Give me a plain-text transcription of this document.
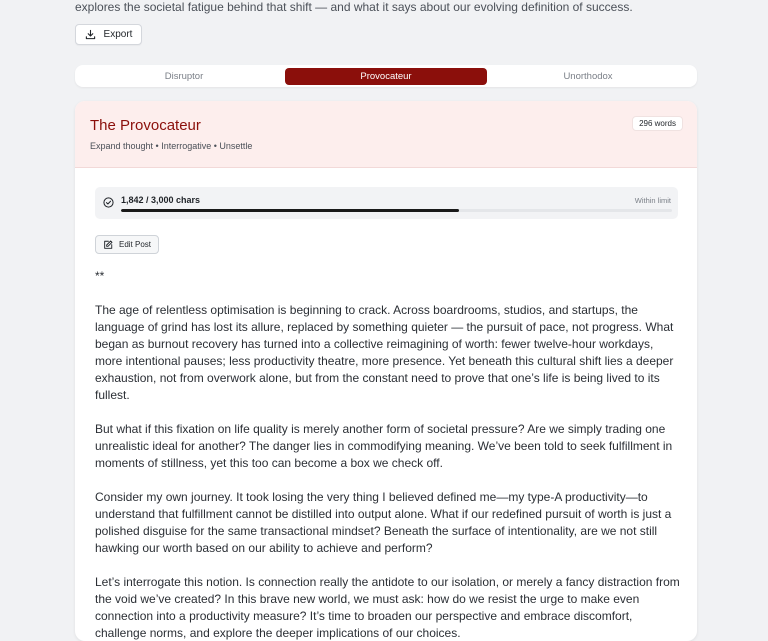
explores the societal fatigue behind that shift — and what it says about our evolving definition of success.
Export
Disruptor	Provocateur	Unorthodox
The Provocateur
Expand thought • Interrogative • Unsettle
296 words
1,842 / 3,000 chars	Within limit
Edit Post
**

The age of relentless optimisation is beginning to crack. Across boardrooms, studios, and startups, the language of grind has lost its allure, replaced by something quieter — the pursuit of pace, not progress. What began as burnout recovery has turned into a collective reimagining of worth: fewer twelve-hour workdays, more intentional pauses; less productivity theatre, more presence. Yet beneath this cultural shift lies a deeper exhaustion, not from overwork alone, but from the constant need to prove that one’s life is being lived to its fullest.

But what if this fixation on life quality is merely another form of societal pressure? Are we simply trading one unrealistic ideal for another? The danger lies in commodifying meaning. We’ve been told to seek fulfillment in moments of stillness, yet this too can become a box we check off.

Consider my own journey. It took losing the very thing I believed defined me—my type-A productivity—to understand that fulfillment cannot be distilled into output alone. What if our redefined pursuit of worth is just a polished disguise for the same transactional mindset? Beneath the surface of intentionality, are we not still hawking our worth based on our ability to achieve and perform?

Let’s interrogate this notion. Is connection really the antidote to our isolation, or merely a fancy distraction from the void we’ve created? In this brave new world, we must ask: how do we resist the urge to make even connection into a productivity measure? It’s time to broaden our perspective and embrace discomfort, challenge norms, and explore the deeper implications of our choices.
